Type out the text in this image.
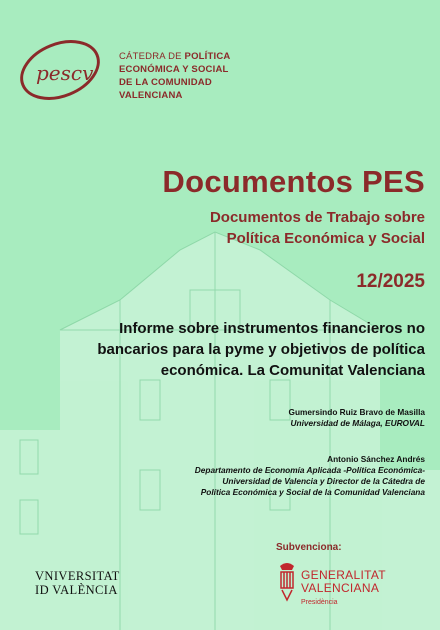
pescv
CÁTEDRA DE POLÍTICA
ECONÓMICA Y SOCIAL
DE LA COMUNIDAD
VALENCIANA
Documentos PES
Documentos de Trabajo sobre
Política Económica y Social
12/2025
Informe sobre instrumentos financieros no
bancarios para la pyme y objetivos de política
económica. La Comunitat Valenciana
Gumersindo Ruiz Bravo de Masilla
Universidad de Málaga, EUROVAL
Antonio Sánchez Andrés
Departamento de Economía Aplicada -Política Económica-
Universidad de Valencia y Director de la Cátedra de
Política Económica y Social de la Comunidad Valenciana
VNIVERSITAT
ID VALÈNCIA
Subvenciona:
GENERALITAT
VALENCIANA
Presidència
